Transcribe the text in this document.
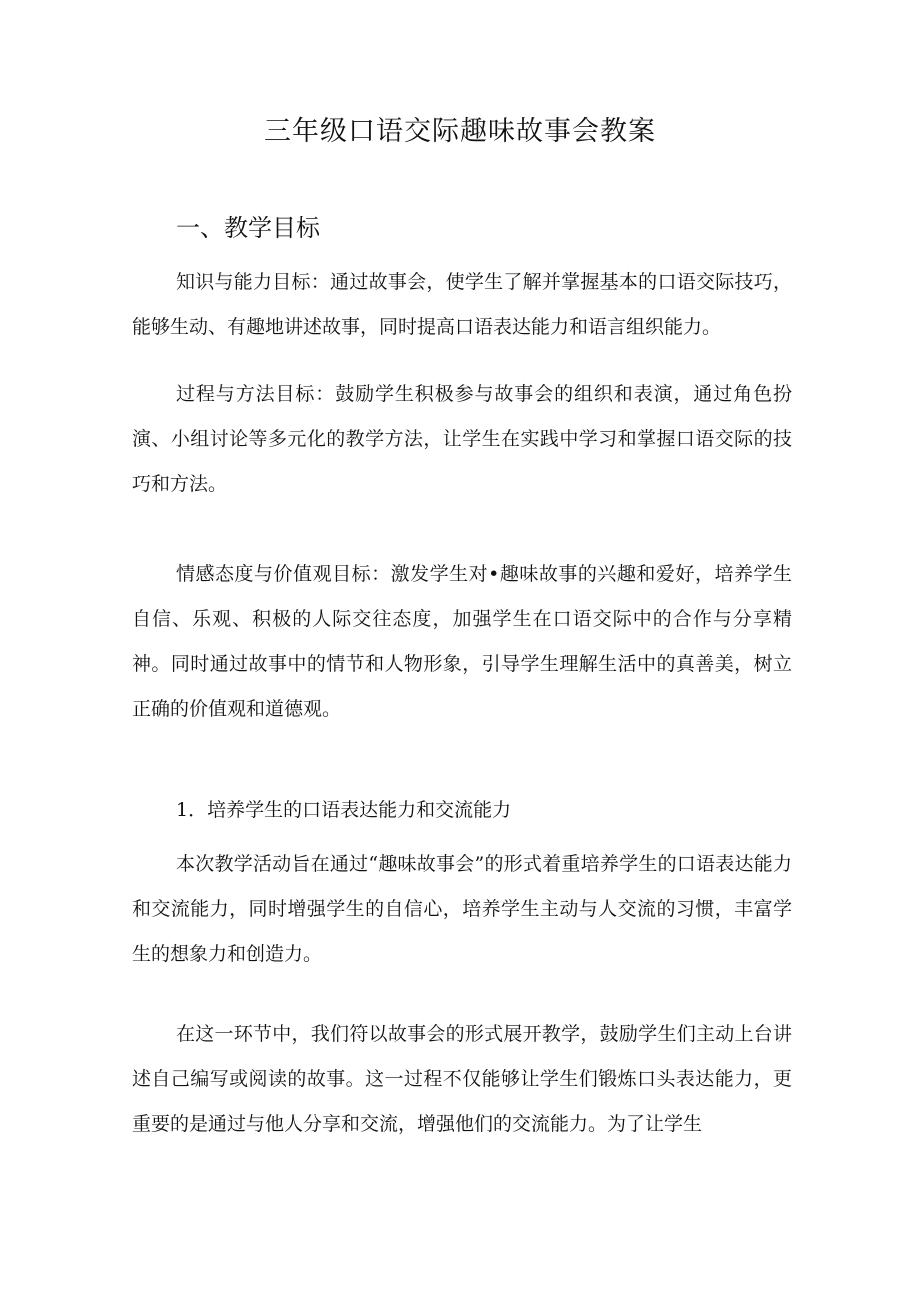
三年级口语交际趣味故事会教案
一、教学目标

知识与能力目标：通过故事会，使学生了解并掌握基本的口语交际技巧，能够生动、有趣地讲述故事，同时提高口语表达能力和语言组织能力。

过程与方法目标：鼓励学生积极参与故事会的组织和表演，通过角色扮演、小组讨论等多元化的教学方法，让学生在实践中学习和掌握口语交际的技巧和方法。

情感态度与价值观目标：激发学生对•趣味故事的兴趣和爱好，培养学生自信、乐观、积极的人际交往态度，加强学生在口语交际中的合作与分享精神。同时通过故事中的情节和人物形象，引导学生理解生活中的真善美，树立正确的价值观和道德观。

1．培养学生的口语表达能力和交流能力

本次教学活动旨在通过“趣味故事会”的形式着重培养学生的口语表达能力和交流能力，同时增强学生的自信心，培养学生主动与人交流的习惯，丰富学生的想象力和创造力。

在这一环节中，我们符以故事会的形式展开教学，鼓励学生们主动上台讲述自己编写或阅读的故事。这一过程不仅能够让学生们锻炼口头表达能力，更重要的是通过与他人分享和交流，增强他们的交流能力。为了让学生
